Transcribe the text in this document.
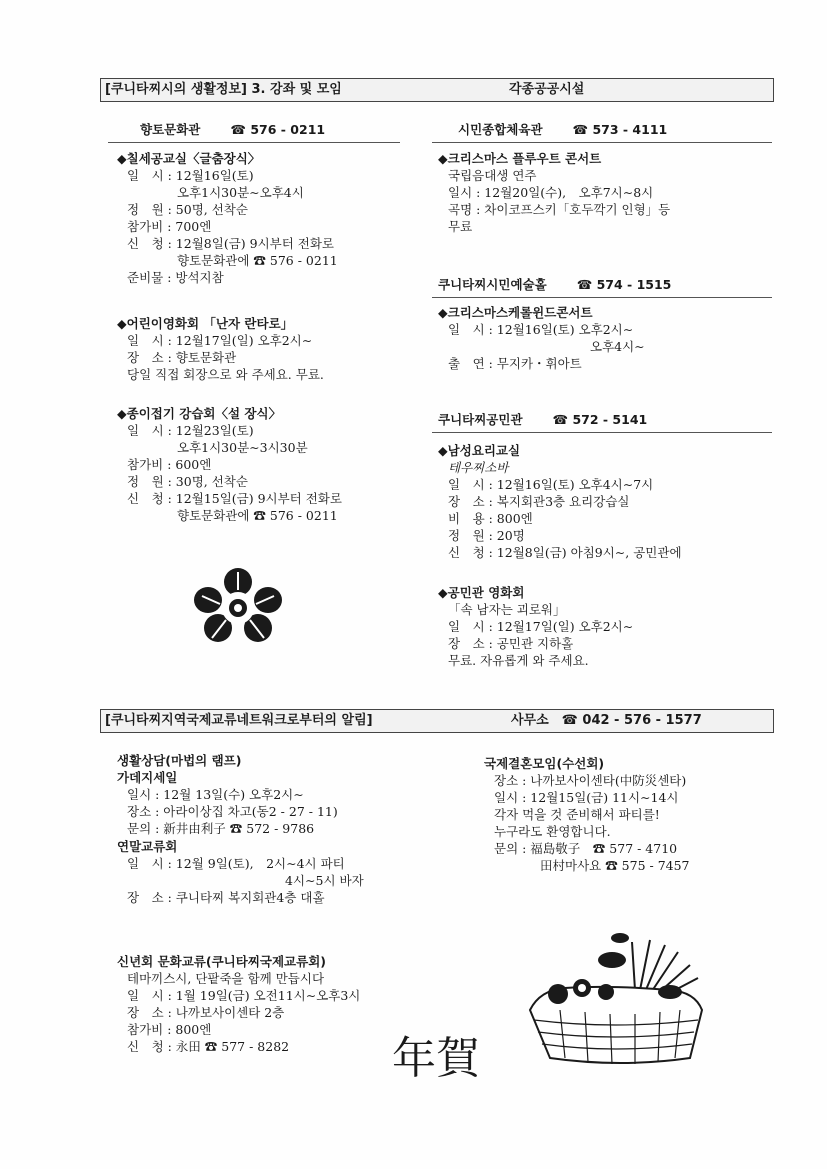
[쿠니타찌시의 생활정보] 3. 강좌 및 모임	각종공공시설
향토문화관 ☎ 576 - 0211
◆칠세공교실〈글춤장식〉
일　시 : 12월16일(토)
오후1시30분∼오후4시
정　원 : 50명, 선착순
참가비 : 700엔
신　청 : 12월8일(금) 9시부터 전화로
향토문화관에 ☎ 576 - 0211
준비물 : 방석지참
◆어린이영화회 「난자 란타로」
일　시 : 12월17일(일) 오후2시∼
장　소 : 향토문화관
당일 직접 회장으로 와 주세요. 무료.
◆종이접기 강습회〈설 장식〉
일　시 : 12월23일(토)
오후1시30분∼3시30분
참가비 : 600엔
정　원 : 30명, 선착순
신　청 : 12월15일(금) 9시부터 전화로
향토문화관에 ☎ 576 - 0211
시민종합체육관 ☎ 573 - 4111
◆크리스마스 플루우트 콘서트
국립음대생 연주
일시 : 12월20일(수),　오후7시∼8시
곡명 : 차이코프스키「호두깍기 인형」등
무료
쿠니타찌시민예술홀 ☎ 574 - 1515
◆크리스마스케롤윈드콘서트
일　시 : 12월16일(토) 오후2시∼
오후4시∼
출　연 : 무지카・휘아트
쿠니타찌공민관 ☎ 572 - 5141
◆남성요리교실
테우찌소바
일　시 : 12월16일(토) 오후4시∼7시
장　소 : 복지회관3층 요리강습실
비　용 : 800엔
정　원 : 20명
신　청 : 12월8일(금) 아침9시∼, 공민관에
◆공민관 영화회
「속 남자는 괴로워」
일　시 : 12월17일(일) 오후2시∼
장　소 : 공민관 지하홀
무료. 자유롭게 와 주세요.
[쿠니타찌지역국제교류네트워크로부터의 알림]	사무소　☎ 042 - 576 - 1577
생활상담(마법의 램프)
가데지세일
일시 : 12월 13일(수) 오후2시∼
장소 : 아라이상집 차고(동2 - 27 - 11)
문의 : 新井由利子 ☎ 572 - 9786
연말교류회
일　시 : 12월 9일(토),　2시∼4시 파티
4시∼5시 바자
장　소 : 쿠니타찌 복지회관4층 대홀
신년회 문화교류(쿠니타찌국제교류회)
테마끼스시, 단팥죽을 함께 만듭시다
일　시 : 1월 19일(금) 오전11시∼오후3시
장　소 : 나까보사이센타 2층
참가비 : 800엔
신　청 : 永田 ☎ 577 - 8282	年賀
국제결혼모임(수선회)
장소 : 나까보사이센타(中防災센타)
일시 : 12월15일(금) 11시∼14시
각자 먹을 것 준비해서 파티를!
누구라도 환영합니다.
문의 : 福島敬子　☎ 577 - 4710
田村마사요 ☎ 575 - 7457
